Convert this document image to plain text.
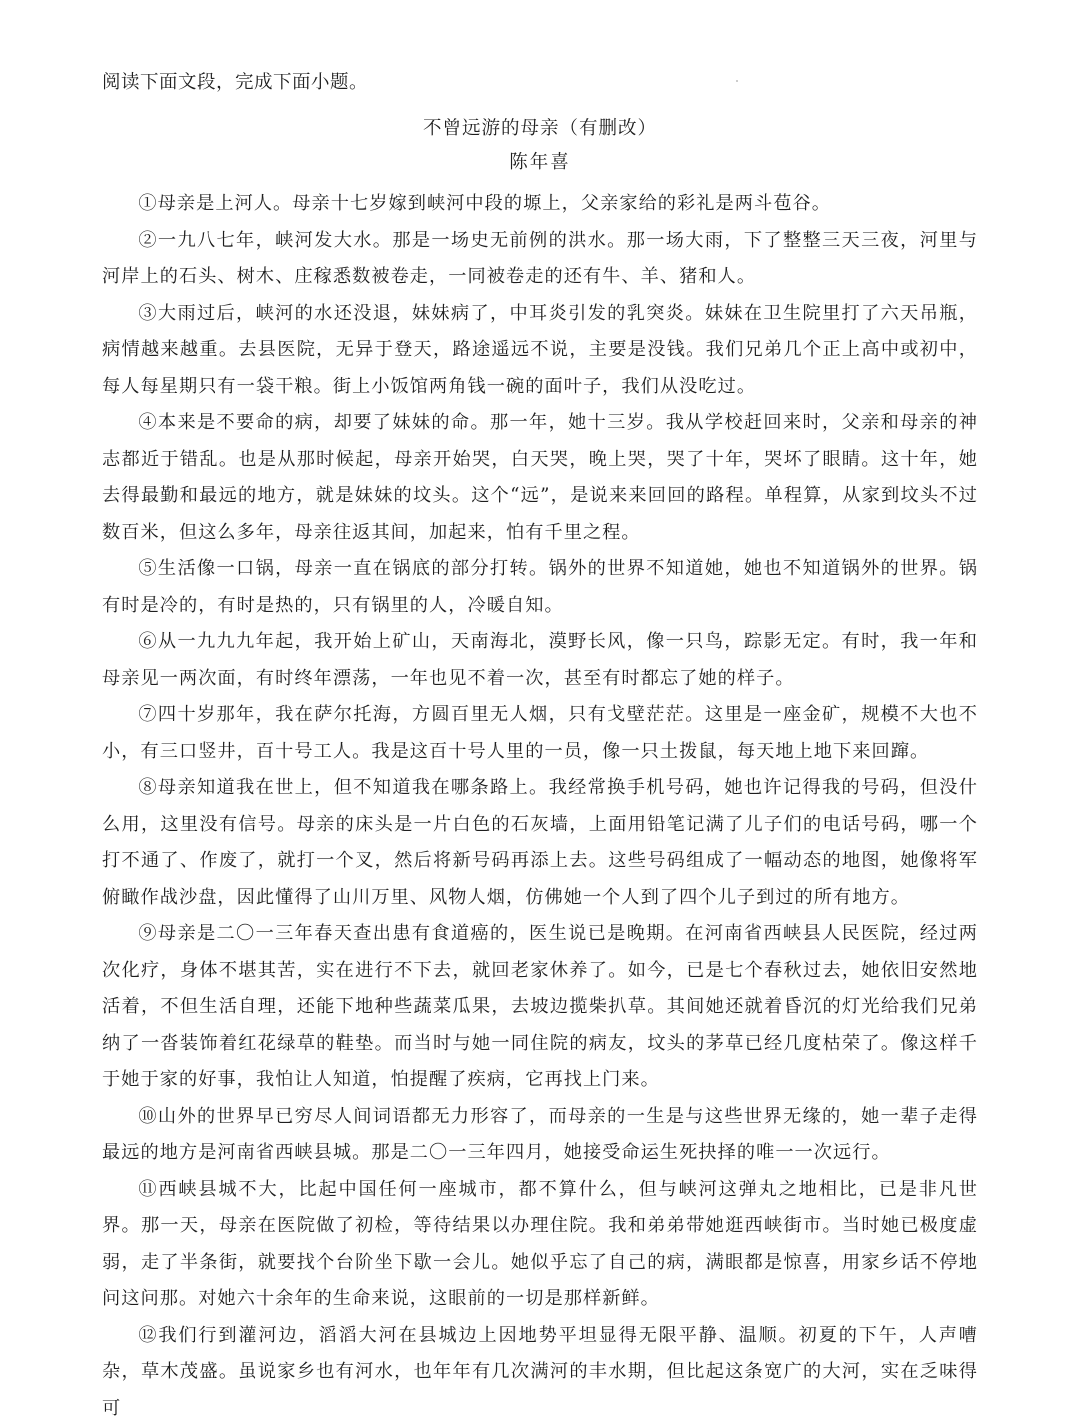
阅读下面文段，完成下面小题。

不曾远游的母亲（有删改）

陈年喜

①母亲是上河人。母亲十七岁嫁到峡河中段的塬上，父亲家给的彩礼是两斗苞谷。

②一九八七年，峡河发大水。那是一场史无前例的洪水。那一场大雨，下了整整三天三夜，河里与河岸上的石头、树木、庄稼悉数被卷走，一同被卷走的还有牛、羊、猪和人。

③大雨过后，峡河的水还没退，妹妹病了，中耳炎引发的乳突炎。妹妹在卫生院里打了六天吊瓶，病情越来越重。去县医院，无异于登天，路途遥远不说，主要是没钱。我们兄弟几个正上高中或初中，每人每星期只有一袋干粮。街上小饭馆两角钱一碗的面叶子，我们从没吃过。

④本来是不要命的病，却要了妹妹的命。那一年，她十三岁。我从学校赶回来时，父亲和母亲的神志都近于错乱。也是从那时候起，母亲开始哭，白天哭，晚上哭，哭了十年，哭坏了眼睛。这十年，她去得最勤和最远的地方，就是妹妹的坟头。这个“远”，是说来来回回的路程。单程算，从家到坟头不过数百米，但这么多年，母亲往返其间，加起来，怕有千里之程。

⑤生活像一口锅，母亲一直在锅底的部分打转。锅外的世界不知道她，她也不知道锅外的世界。锅有时是冷的，有时是热的，只有锅里的人，冷暖自知。

⑥从一九九九年起，我开始上矿山，天南海北，漠野长风，像一只鸟，踪影无定。有时，我一年和母亲见一两次面，有时终年漂荡，一年也见不着一次，甚至有时都忘了她的样子。

⑦四十岁那年，我在萨尔托海，方圆百里无人烟，只有戈壁茫茫。这里是一座金矿，规模不大也不小，有三口竖井，百十号工人。我是这百十号人里的一员，像一只土拨鼠，每天地上地下来回蹿。

⑧母亲知道我在世上，但不知道我在哪条路上。我经常换手机号码，她也许记得我的号码，但没什么用，这里没有信号。母亲的床头是一片白色的石灰墙，上面用铅笔记满了儿子们的电话号码，哪一个打不通了、作废了，就打一个叉，然后将新号码再添上去。这些号码组成了一幅动态的地图，她像将军俯瞰作战沙盘，因此懂得了山川万里、风物人烟，仿佛她一个人到了四个儿子到过的所有地方。

⑨母亲是二〇一三年春天查出患有食道癌的，医生说已是晚期。在河南省西峡县人民医院，经过两次化疗，身体不堪其苦，实在进行不下去，就回老家休养了。如今，已是七个春秋过去，她依旧安然地活着，不但生活自理，还能下地种些蔬菜瓜果，去坡边揽柴扒草。其间她还就着昏沉的灯光给我们兄弟纳了一沓装饰着红花绿草的鞋垫。而当时与她一同住院的病友，坟头的茅草已经几度枯荣了。像这样千于她于家的好事，我怕让人知道，怕提醒了疾病，它再找上门来。

⑩山外的世界早已穷尽人间词语都无力形容了，而母亲的一生是与这些世界无缘的，她一辈子走得最远的地方是河南省西峡县城。那是二〇一三年四月，她接受命运生死抉择的唯一一次远行。

⑪西峡县城不大，比起中国任何一座城市，都不算什么，但与峡河这弹丸之地相比，已是非凡世界。那一天，母亲在医院做了初检，等待结果以办理住院。我和弟弟带她逛西峡街市。当时她已极度虚弱，走了半条街，就要找个台阶坐下歇一会儿。她似乎忘了自己的病，满眼都是惊喜，用家乡话不停地问这问那。对她六十余年的生命来说，这眼前的一切是那样新鲜。

⑫我们行到灌河边，滔滔大河在县城边上因地势平坦显得无限平静、温顺。初夏的下午，人声嘈杂，草木茂盛。虽说家乡也有河水，也年年有几次满河的丰水期，但比起这条宽广的大河，实在乏味得可
